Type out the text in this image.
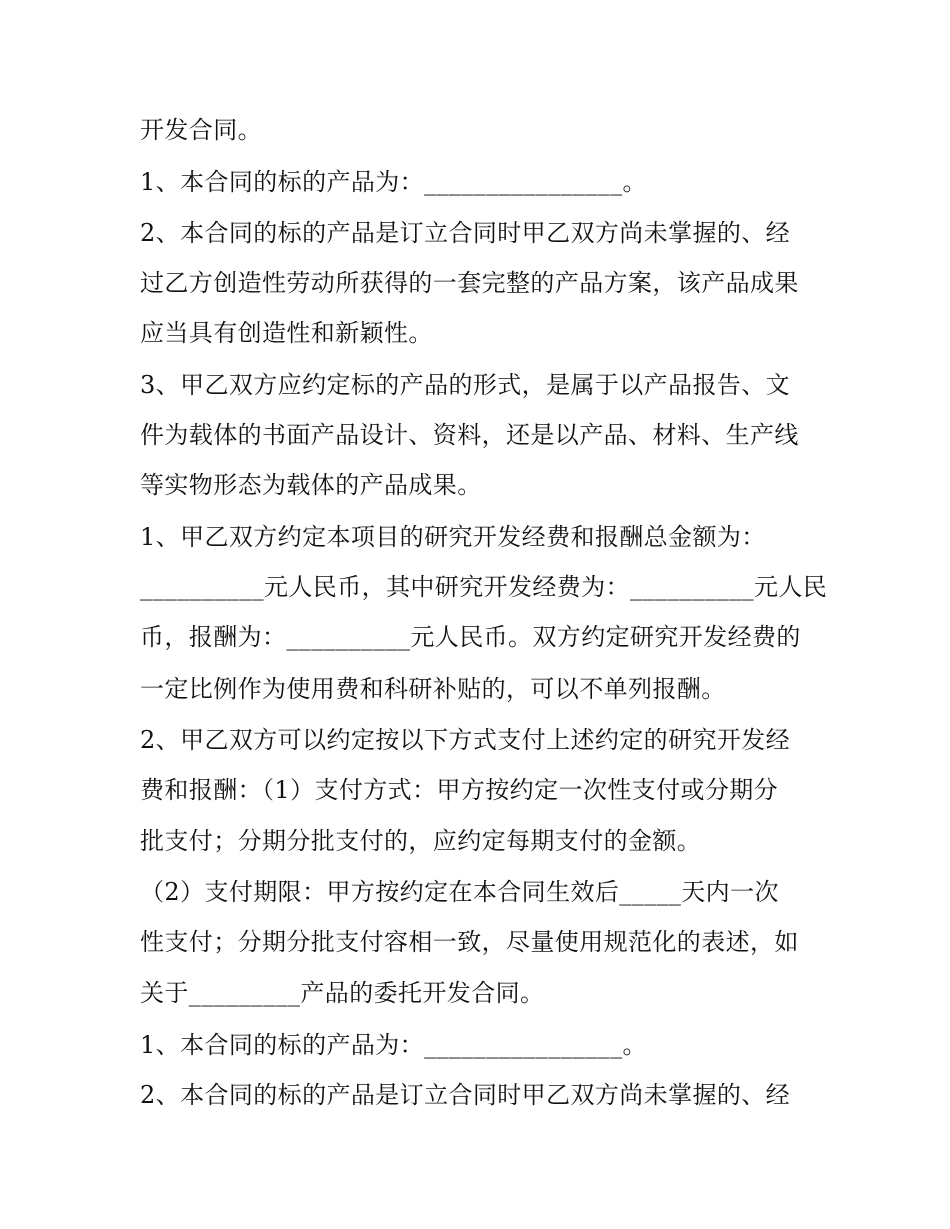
开发合同。
1、本合同的标的产品为：________________。
2、本合同的标的产品是订立合同时甲乙双方尚未掌握的、经
过乙方创造性劳动所获得的一套完整的产品方案，该产品成果
应当具有创造性和新颖性。
3、甲乙双方应约定标的产品的形式，是属于以产品报告、文
件为载体的书面产品设计、资料，还是以产品、材料、生产线
等实物形态为载体的产品成果。
1、甲乙双方约定本项目的研究开发经费和报酬总金额为：
__________元人民币，其中研究开发经费为：__________元人民
币，报酬为：__________元人民币。双方约定研究开发经费的
一定比例作为使用费和科研补贴的，可以不单列报酬。
2、甲乙双方可以约定按以下方式支付上述约定的研究开发经
费和报酬：（1）支付方式：甲方按约定一次性支付或分期分
批支付；分期分批支付的，应约定每期支付的金额。
（2）支付期限：甲方按约定在本合同生效后_____天内一次
性支付；分期分批支付容相一致，尽量使用规范化的表述，如
关于_________产品的委托开发合同。
1、本合同的标的产品为：________________。
2、本合同的标的产品是订立合同时甲乙双方尚未掌握的、经
